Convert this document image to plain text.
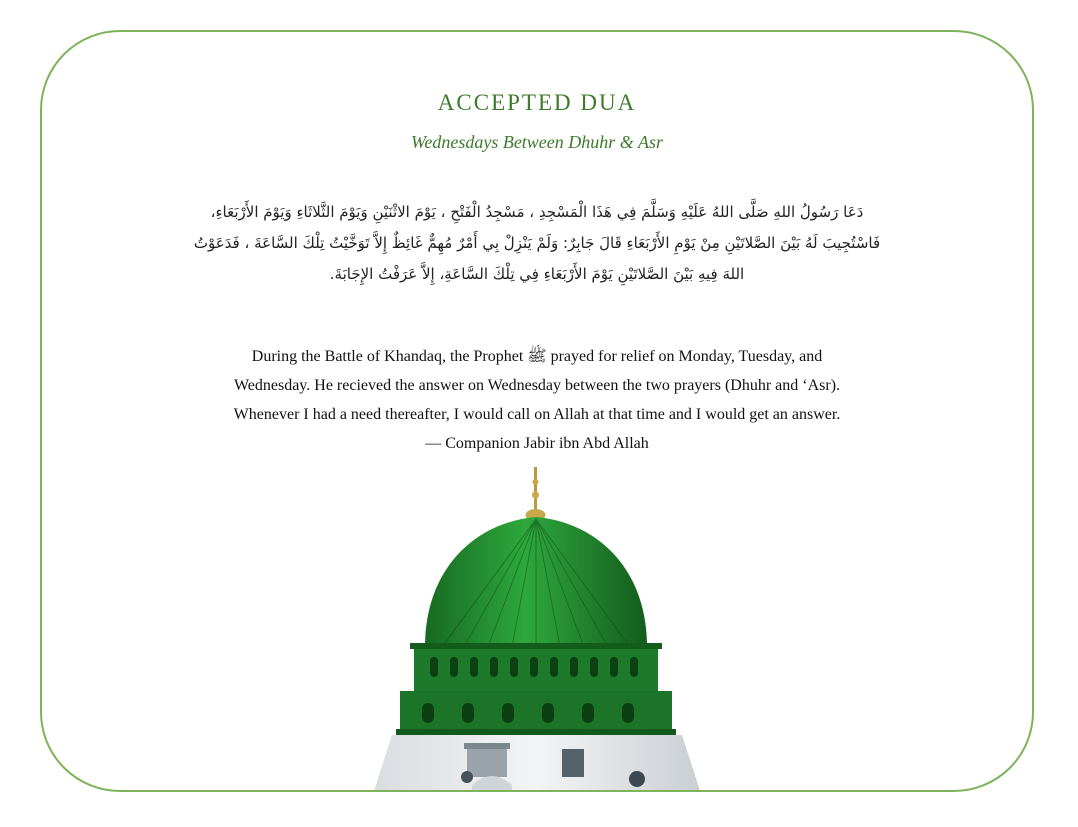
ACCEPTED DUA
Wednesdays Between Dhuhr & Asr
دَعَا رَسُولُ اللهِ صَلَّى اللهُ عَلَيْهِ وَسَلَّمَ فِي هَذَا الْمَسْجِدِ ، مَسْجِدُ الْفَتْحِ ، يَوْمَ الاثْنَيْنِ وَيَوْمَ الثَّلاثَاءِ وَيَوْمَ الأَرْبَعَاءِ، فَاسْتُجِيبَ لَهُ بَيْنَ الصَّلاتَيْنِ مِنْ يَوْمِ الأَرْبَعَاءِ قَالَ جَابِرٌ: وَلَمْ يَنْزِلْ بِي أَمْرٌ مُهِمٌّ غَائِظٌ إِلاَّ تَوَخَّيْتُ تِلْكَ السَّاعَةَ ، فَدَعَوْتُ اللهَ فِيهِ بَيْنَ الصَّلاتَيْنِ يَوْمَ الأَرْبَعَاءِ فِي تِلْكَ السَّاعَةِ، إِلاَّ عَرَفْتُ الإِجَابَةَ.
During the Battle of Khandaq, the Prophet ﷺ prayed for relief on Monday, Tuesday, and
Wednesday. He recieved the answer on Wednesday between the two prayers (Dhuhr and ‘Asr).
Whenever I had a need thereafter, I would call on Allah at that time and I would get an answer.
— Companion Jabir ibn Abd Allah
